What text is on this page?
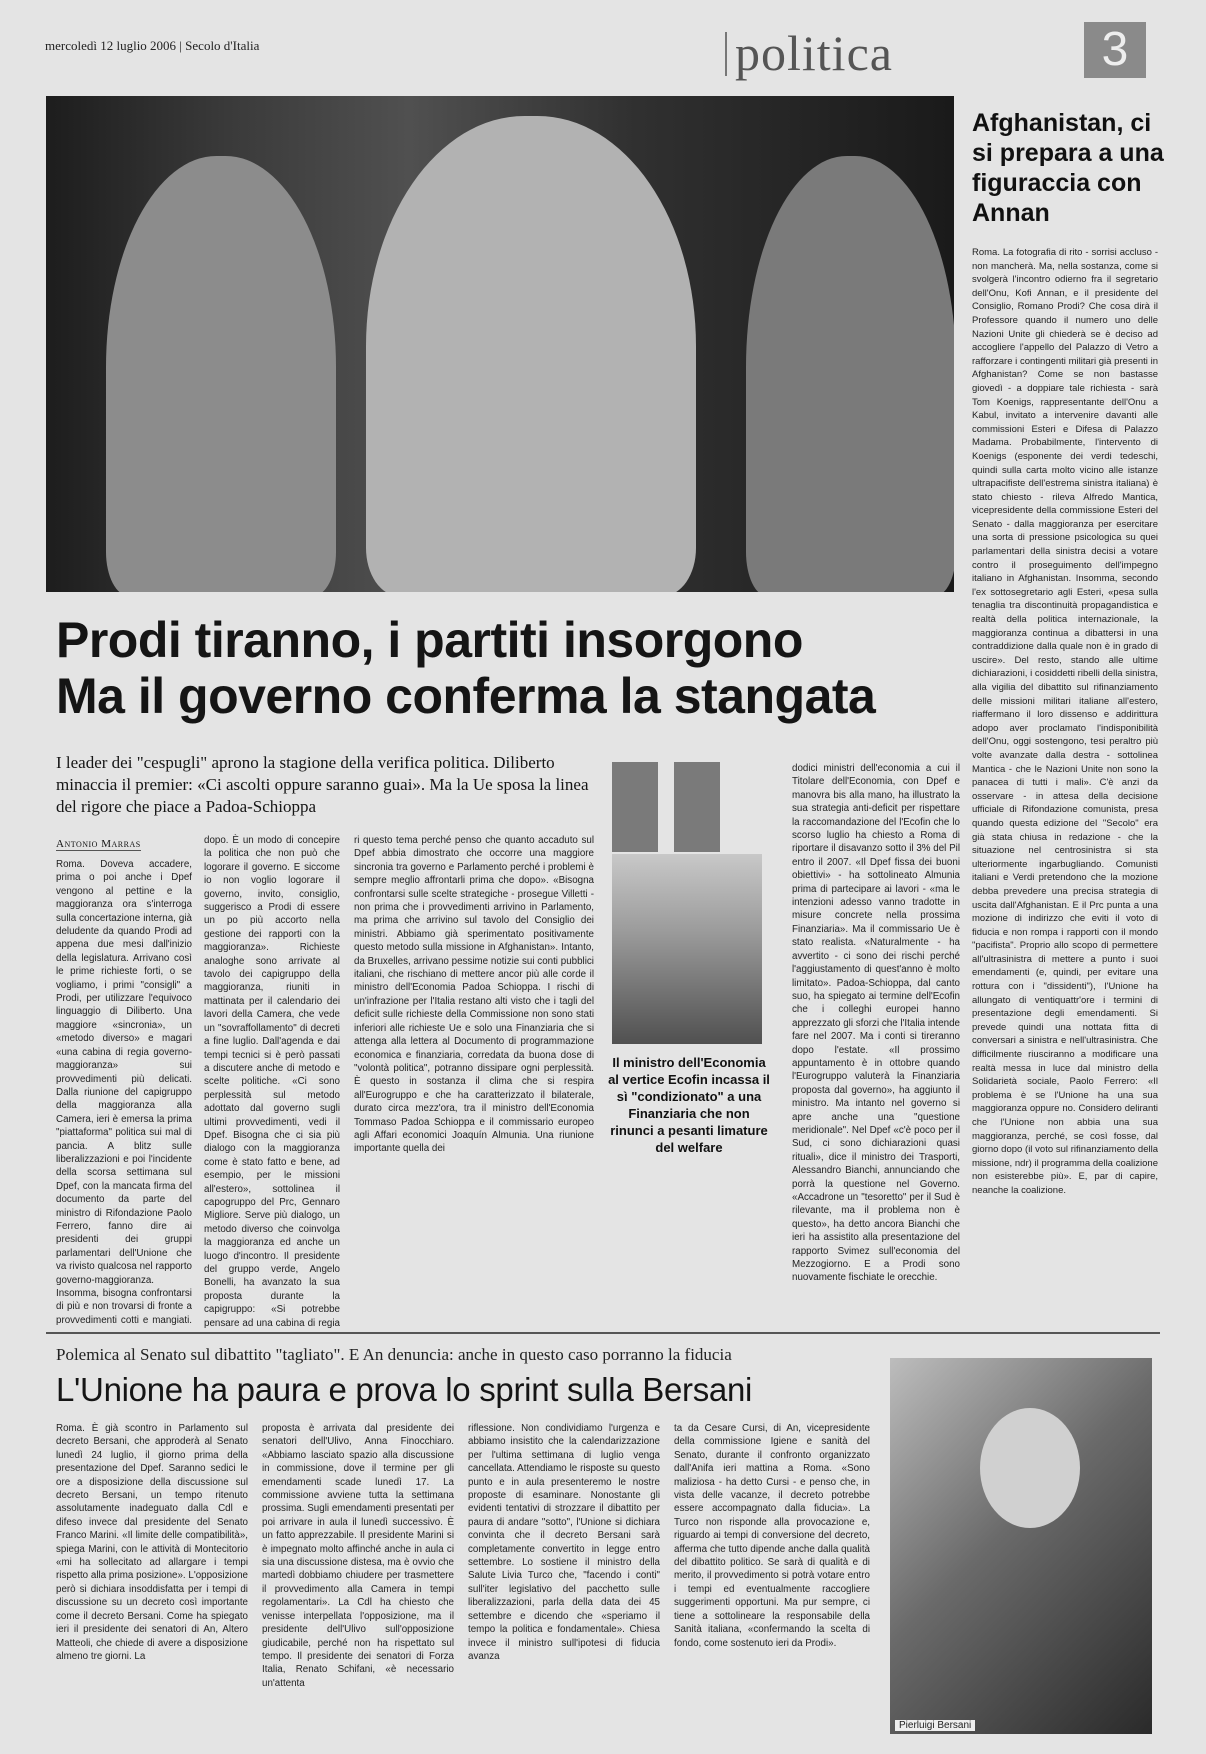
mercoledì 12 luglio 2006 | Secolo d'Italia	politica	3
Afghanistan, ci si prepara a una figuraccia con Annan
Roma. La fotografia di rito - sorrisi accluso - non mancherà. Ma, nella sostanza, come si svolgerà l'incontro odierno fra il segretario dell'Onu, Kofi Annan, e il presidente del Consiglio, Romano Prodi? Che cosa dirà il Professore quando il numero uno delle Nazioni Unite gli chiederà se è deciso ad accogliere l'appello del Palazzo di Vetro a rafforzare i contingenti militari già presenti in Afghanistan? Come se non bastasse giovedì - a doppiare tale richiesta - sarà Tom Koenigs, rappresentante dell'Onu a Kabul, invitato a intervenire davanti alle commissioni Esteri e Difesa di Palazzo Madama. Probabilmente, l'intervento di Koenigs (esponente dei verdi tedeschi, quindi sulla carta molto vicino alle istanze ultrapacifiste dell'estrema sinistra italiana) è stato chiesto - rileva Alfredo Mantica, vicepresidente della commissione Esteri del Senato - dalla maggioranza per esercitare una sorta di pressione psicologica su quei parlamentari della sinistra decisi a votare contro il proseguimento dell'impegno italiano in Afghanistan. Insomma, secondo l'ex sottosegretario agli Esteri, «pesa sulla tenaglia tra discontinuità propagandistica e realtà della politica internazionale, la maggioranza continua a dibattersi in una contraddizione dalla quale non è in grado di uscire». Del resto, stando alle ultime dichiarazioni, i cosiddetti ribelli della sinistra, alla vigilia del dibattito sul rifinanziamento delle missioni militari italiane all'estero, riaffermano il loro dissenso e addirittura adopo aver proclamato l'indisponibilità dell'Onu, oggi sostengono, tesi peraltro più volte avanzate dalla destra - sottolinea Mantica - che le Nazioni Unite non sono la panacea di tutti i mali». C'è anzi da osservare - in attesa della decisione ufficiale di Rifondazione comunista, presa quando questa edizione del "Secolo" era già stata chiusa in redazione - che la situazione nel centrosinistra si sta ulteriormente ingarbugliando. Comunisti italiani e Verdi pretendono che la mozione debba prevedere una precisa strategia di uscita dall'Afghanistan. E il Prc punta a una mozione di indirizzo che eviti il voto di fiducia e non rompa i rapporti con il mondo "pacifista". Proprio allo scopo di permettere all'ultrasinistra di mettere a punto i suoi emendamenti (e, quindi, per evitare una rottura con i "dissidenti"), l'Unione ha allungato di ventiquattr'ore i termini di presentazione degli emendamenti. Si prevede quindi una nottata fitta di conversari a sinistra e nell'ultrasinistra. Che difficilmente riusciranno a modificare una realtà messa in luce dal ministro della Solidarietà sociale, Paolo Ferrero: «Il problema è se l'Unione ha una sua maggioranza oppure no. Considero deliranti che l'Unione non abbia una sua maggioranza, perché, se così fosse, dal giorno dopo (il voto sul rifinanziamento della missione, ndr) il programma della coalizione non esisterebbe più». E, par di capire, neanche la coalizione.
Prodi tiranno, i partiti insorgono
Ma il governo conferma la stangata
I leader dei "cespugli" aprono la stagione della verifica politica. Diliberto minaccia il premier: «Ci ascolti oppure saranno guai». Ma la Ue sposa la linea del rigore che piace a Padoa-Schioppa
Antonio Marras
Roma. Doveva accadere, prima o poi anche i Dpef vengono al pettine e la maggioranza ora s'interroga sulla concertazione interna, già deludente da quando Prodi ad appena due mesi dall'inizio della legislatura. Arrivano così le prime richieste forti, o se vogliamo, i primi "consigli" a Prodi, per utilizzare l'equivoco linguaggio di Diliberto. Una maggiore «sincronia», un «metodo diverso» e magari «una cabina di regia governo-maggioranza» sui provvedimenti più delicati. Dalla riunione del capigruppo della maggioranza alla Camera, ieri è emersa la prima "piattaforma" politica sui mal di pancia. A blitz sulle liberalizzazioni e poi l'incidente della scorsa settimana sul Dpef, con la mancata firma del documento da parte del ministro di Rifondazione Paolo Ferrero, fanno dire ai presidenti dei gruppi parlamentari dell'Unione che va rivisto qualcosa nel rapporto governo-maggioranza. Insomma, bisogna confrontarsi di più e non trovarsi di fronte a provvedimenti cotti e mangiati.
dopo. È un modo di concepire la politica che non può che logorare il governo. E siccome io non voglio logorare il governo, invito, consiglio, suggerisco a Prodi di essere un po più accorto nella gestione dei rapporti con la maggioranza». Richieste analoghe sono arrivate al tavolo dei capigruppo della maggioranza, riuniti in mattinata per il calendario dei lavori della Camera, che vede un "sovraffollamento" di decreti a fine luglio. Dall'agenda e dai tempi tecnici si è però passati a discutere anche di metodo e scelte politiche. «Ci sono perplessità sul metodo adottato dal governo sugli ultimi provvedimenti, vedi il Dpef. Bisogna che ci sia più dialogo con la maggioranza come è stato fatto e bene, ad esempio, per le missioni all'estero», sottolinea il capogruppo del Prc, Gennaro Migliore. Serve più dialogo, un metodo diverso che coinvolga la maggioranza ed anche un luogo d'incontro. Il presidente del gruppo verde, Angelo Bonelli, ha avanzato la sua proposta durante la capigruppo: «Si potrebbe pensare ad una cabina di regia
ri questo tema perché penso che quanto accaduto sul Dpef abbia dimostrato che occorre una maggiore sincronia tra governo e Parlamento perché i problemi è sempre meglio affrontarli prima che dopo». «Bisogna confrontarsi sulle scelte strategiche - prosegue Villetti - non prima che i provvedimenti arrivino in Parlamento, ma prima che arrivino sul tavolo del Consiglio dei ministri. Abbiamo già sperimentato positivamente questo metodo sulla missione in Afghanistan». Intanto, da Bruxelles, arrivano pessime notizie sui conti pubblici italiani, che rischiano di mettere ancor più alle corde il ministro dell'Economia Padoa Schioppa. I rischi di un'infrazione per l'Italia restano alti visto che i tagli del deficit sulle richieste della Commissione non sono stati inferiori alle richieste Ue e solo una Finanziaria che si attenga alla lettera al Documento di programmazione economica e finanziaria, corredata da buona dose di "volontà politica", potranno dissipare ogni perplessità. È questo in sostanza il clima che si respira all'Eurogruppo e che ha caratterizzato il bilaterale, durato circa mezz'ora, tra il ministro dell'Economia Tommaso Padoa Schioppa e il commissario europeo agli Affari economici Joaquín Almunia. Una riunione importante quella dei
Il ministro dell'Economia al vertice Ecofin incassa il sì "condizionato" a una Finanziaria che non rinunci a pesanti limature del welfare
dodici ministri dell'economia a cui il Titolare dell'Economia, con Dpef e manovra bis alla mano, ha illustrato la sua strategia anti-deficit per rispettare la raccomandazione del l'Ecofin che lo scorso luglio ha chiesto a Roma di riportare il disavanzo sotto il 3% del Pil entro il 2007. «Il Dpef fissa dei buoni obiettivi» - ha sottolineato Almunia prima di partecipare ai lavori - «ma le intenzioni adesso vanno tradotte in misure concrete nella prossima Finanziaria». Ma il commissario Ue è stato realista. «Naturalmente - ha avvertito - ci sono dei rischi perché l'aggiustamento di quest'anno è molto limitato». Padoa-Schioppa, dal canto suo, ha spiegato ai termine dell'Ecofin che i colleghi europei hanno apprezzato gli sforzi che l'Italia intende fare nel 2007. Ma i conti si tireranno dopo l'estate. «Il prossimo appuntamento è in ottobre quando l'Eurogruppo valuterà la Finanziaria proposta dal governo», ha aggiunto il ministro. Ma intanto nel governo si apre anche una "questione meridionale". Nel Dpef «c'è poco per il Sud, ci sono dichiarazioni quasi rituali», dice il ministro dei Trasporti, Alessandro Bianchi, annunciando che porrà la questione nel Governo. «Accadrone un "tesoretto" per il Sud è rilevante, ma il problema non è questo», ha detto ancora Bianchi che ieri ha assistito alla presentazione del rapporto Svimez sull'economia del Mezzogiorno. E a Prodi sono nuovamente fischiate le orecchie.
Polemica al Senato sul dibattito "tagliato". E An denuncia: anche in questo caso porranno la fiducia
L'Unione ha paura e prova lo sprint sulla Bersani
Roma. È già scontro in Parlamento sul decreto Bersani, che approderà al Senato lunedì 24 luglio, il giorno prima della presentazione del Dpef. Saranno sedici le ore a disposizione della discussione sul decreto Bersani, un tempo ritenuto assolutamente inadeguato dalla Cdl e difeso invece dal presidente del Senato Franco Marini. «Il limite delle compatibilità», spiega Marini, con le attività di Montecitorio «mi ha sollecitato ad allargare i tempi rispetto alla prima posizione». L'opposizione però si dichiara insoddisfatta per i tempi di discussione su un decreto così importante come il decreto Bersani. Come ha spiegato ieri il presidente dei senatori di An, Altero Matteoli, che chiede di avere a disposizione almeno tre giorni. La
proposta è arrivata dal presidente dei senatori dell'Ulivo, Anna Finocchiaro. «Abbiamo lasciato spazio alla discussione in commissione, dove il termine per gli emendamenti scade lunedì 17. La commissione avviene tutta la settimana prossima. Sugli emendamenti presentati per poi arrivare in aula il lunedì successivo. È un fatto apprezzabile. Il presidente Marini si è impegnato molto affinché anche in aula ci sia una discussione distesa, ma è ovvio che martedì dobbiamo chiudere per trasmettere il provvedimento alla Camera in tempi regolamentari». La Cdl ha chiesto che venisse interpellata l'opposizione, ma il presidente dell'Ulivo sull'opposizione giudicabile, perché non ha rispettato sul tempo. Il presidente dei senatori di Forza Italia, Renato Schifani, «è necessario un'attenta
riflessione. Non condividiamo l'urgenza e abbiamo insistito che la calendarizzazione per l'ultima settimana di luglio venga cancellata. Attendiamo le risposte su questo punto e in aula presenteremo le nostre proposte di esaminare. Nonostante gli evidenti tentativi di strozzare il dibattito per paura di andare "sotto", l'Unione si dichiara convinta che il decreto Bersani sarà completamente convertito in legge entro settembre. Lo sostiene il ministro della Salute Livia Turco che, "facendo i conti" sull'iter legislativo del pacchetto sulle liberalizzazioni, parla della data dei 45 settembre e dicendo che «speriamo il tempo la politica e fondamentale». Chiesa invece il ministro sull'ipotesi di fiducia avanza
ta da Cesare Cursi, di An, vicepresidente della commissione Igiene e sanità del Senato, durante il confronto organizzato dall'Anifa ieri mattina a Roma. «Sono maliziosa - ha detto Cursi - e penso che, in vista delle vacanze, il decreto potrebbe essere accompagnato dalla fiducia». La Turco non risponde alla provocazione e, riguardo ai tempi di conversione del decreto, afferma che tutto dipende anche dalla qualità del dibattito politico. Se sarà di qualità e di merito, il provvedimento si potrà votare entro i tempi ed eventualmente raccogliere suggerimenti opportuni. Ma pur sempre, ci tiene a sottolineare la responsabile della Sanità italiana, «confermando la scelta di fondo, come sostenuto ieri da Prodi».
Pierluigi Bersani
